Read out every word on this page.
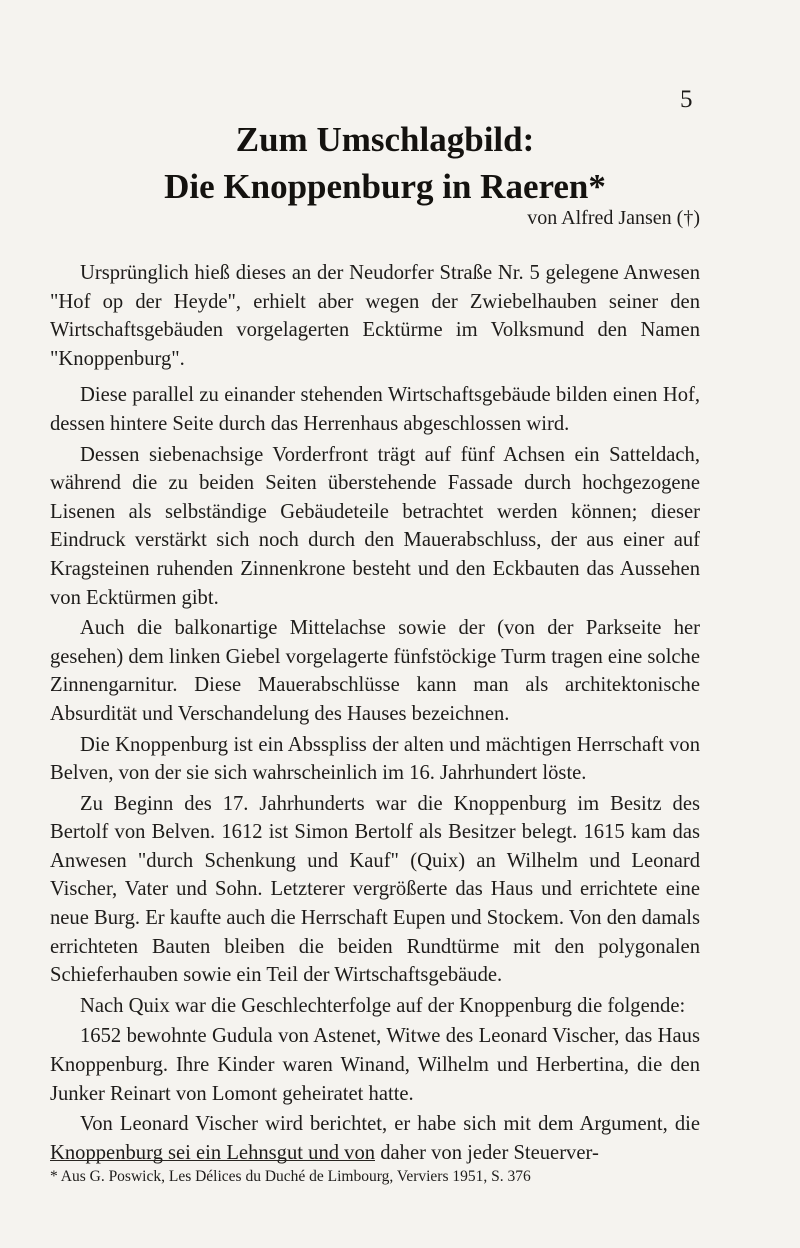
5
Zum Umschlagbild:
Die Knoppenburg in Raeren*
von Alfred Jansen (†)

Ursprünglich hieß dieses an der Neudorfer Straße Nr. 5 gelegene Anwesen "Hof op der Heyde", erhielt aber wegen der Zwiebelhauben seiner den Wirtschaftsgebäuden vorgelagerten Ecktürme im Volksmund den Namen "Knoppenburg".

Diese parallel zu einander stehenden Wirtschaftsgebäude bilden einen Hof, dessen hintere Seite durch das Herrenhaus abgeschlossen wird.

Dessen siebenachsige Vorderfront trägt auf fünf Achsen ein Satteldach, während die zu beiden Seiten überstehende Fassade durch hochgezogene Lisenen als selbständige Gebäudeteile betrachtet werden können; dieser Eindruck verstärkt sich noch durch den Mauerabschluss, der aus einer auf Kragsteinen ruhenden Zinnenkrone besteht und den Eckbauten das Aussehen von Ecktürmen gibt.

Auch die balkonartige Mittelachse sowie der (von der Parkseite her gesehen) dem linken Giebel vorgelagerte fünfstöckige Turm tragen eine solche Zinnengarnitur. Diese Mauerabschlüsse kann man als architektonische Absurdität und Verschandelung des Hauses bezeichnen.

Die Knoppenburg ist ein Absspliss der alten und mächtigen Herrschaft von Belven, von der sie sich wahrscheinlich im 16. Jahrhundert löste.

Zu Beginn des 17. Jahrhunderts war die Knoppenburg im Besitz des Bertolf von Belven. 1612 ist Simon Bertolf als Besitzer belegt. 1615 kam das Anwesen "durch Schenkung und Kauf" (Quix) an Wilhelm und Leonard Vischer, Vater und Sohn. Letzterer vergrößerte das Haus und errichtete eine neue Burg. Er kaufte auch die Herrschaft Eupen und Stockem. Von den damals errichteten Bauten bleiben die beiden Rundtürme mit den polygonalen Schieferhauben sowie ein Teil der Wirtschaftsgebäude.

Nach Quix war die Geschlechterfolge auf der Knoppenburg die folgende:

1652 bewohnte Gudula von Astenet, Witwe des Leonard Vischer, das Haus Knoppenburg. Ihre Kinder waren Winand, Wilhelm und Herbertina, die den Junker Reinart von Lomont geheiratet hatte.

Von Leonard Vischer wird berichtet, er habe sich mit dem Argument, die Knoppenburg sei ein Lehnsgut und von daher von jeder Steuerver-

* Aus G. Poswick, Les Délices du Duché de Limbourg, Verviers 1951, S. 376
